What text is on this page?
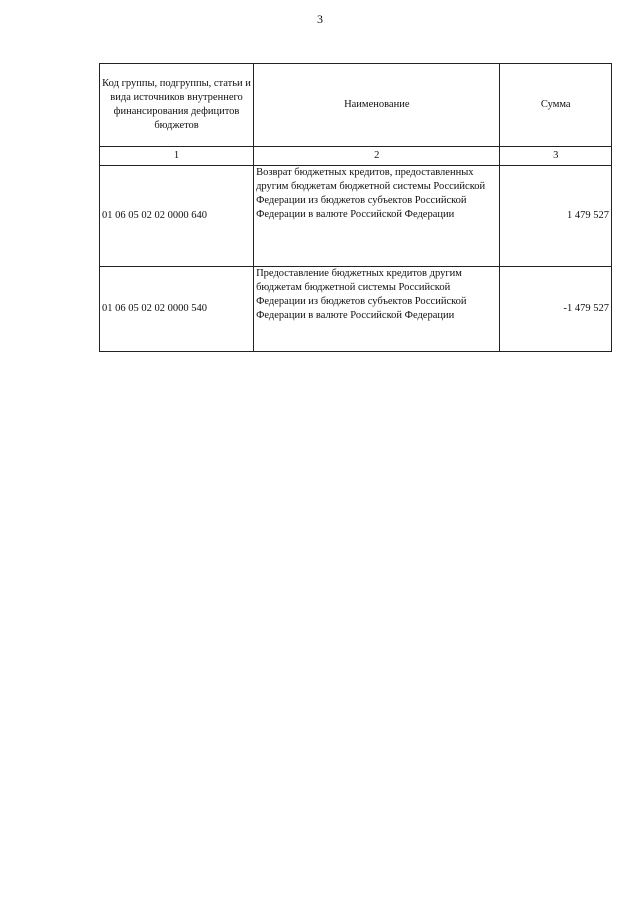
3
Код группы, подгруппы, статьи и вида источников внутреннего финансирования дефицитов бюджетов	Наименование	Сумма
1	2	3
01 06 05 02 02 0000 640	Возврат бюджетных кредитов, предоставленных другим бюджетам бюджетной системы Российской Федерации из бюджетов субъектов Российской Федерации в валюте Российской Федерации	1 479 527
01 06 05 02 02 0000 540	Предоставление бюджетных кредитов другим бюджетам бюджетной системы Российской Федерации из бюджетов субъектов Российской Федерации в валюте Российской Федерации	-1 479 527
